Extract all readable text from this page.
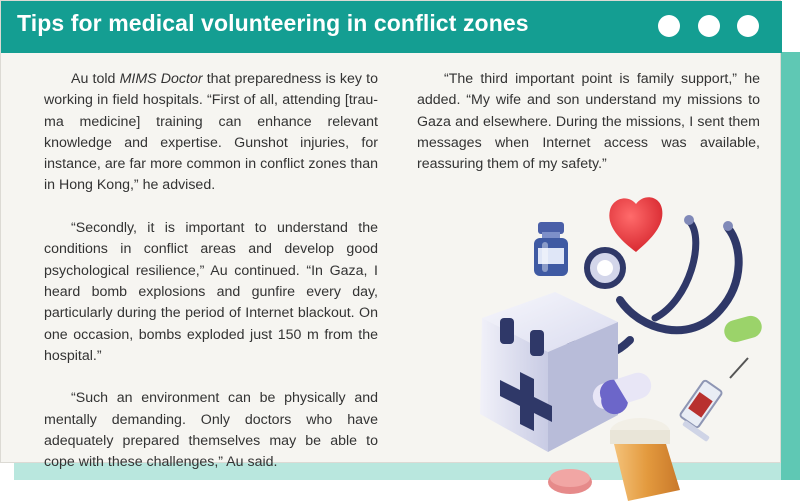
Tips for medical volunteering in conflict zones

Au told MIMS Doctor that preparedness is key to working in field hospitals. “First of all, attending [trauma medicine] training can enhance relevant knowledge and expertise. Gunshot injuries, for instance, are far more common in conflict zones than in Hong Kong,” he advised.

“Secondly, it is important to understand the conditions in conflict areas and develop good psychological resilience,” Au continued. “In Gaza, I heard bomb explosions and gunfire every day, particularly during the period of Internet blackout. On one occasion, bombs exploded just 150 m from the hospital.”

“Such an environment can be physically and mentally demanding. Only doctors who have adequately prepared themselves may be able to cope with these challenges,” Au said.

“The third important point is family support,” he added. “My wife and son understand my missions to Gaza and elsewhere. During the missions, I sent them messages when Internet access was available, reassuring them of my safety.”
